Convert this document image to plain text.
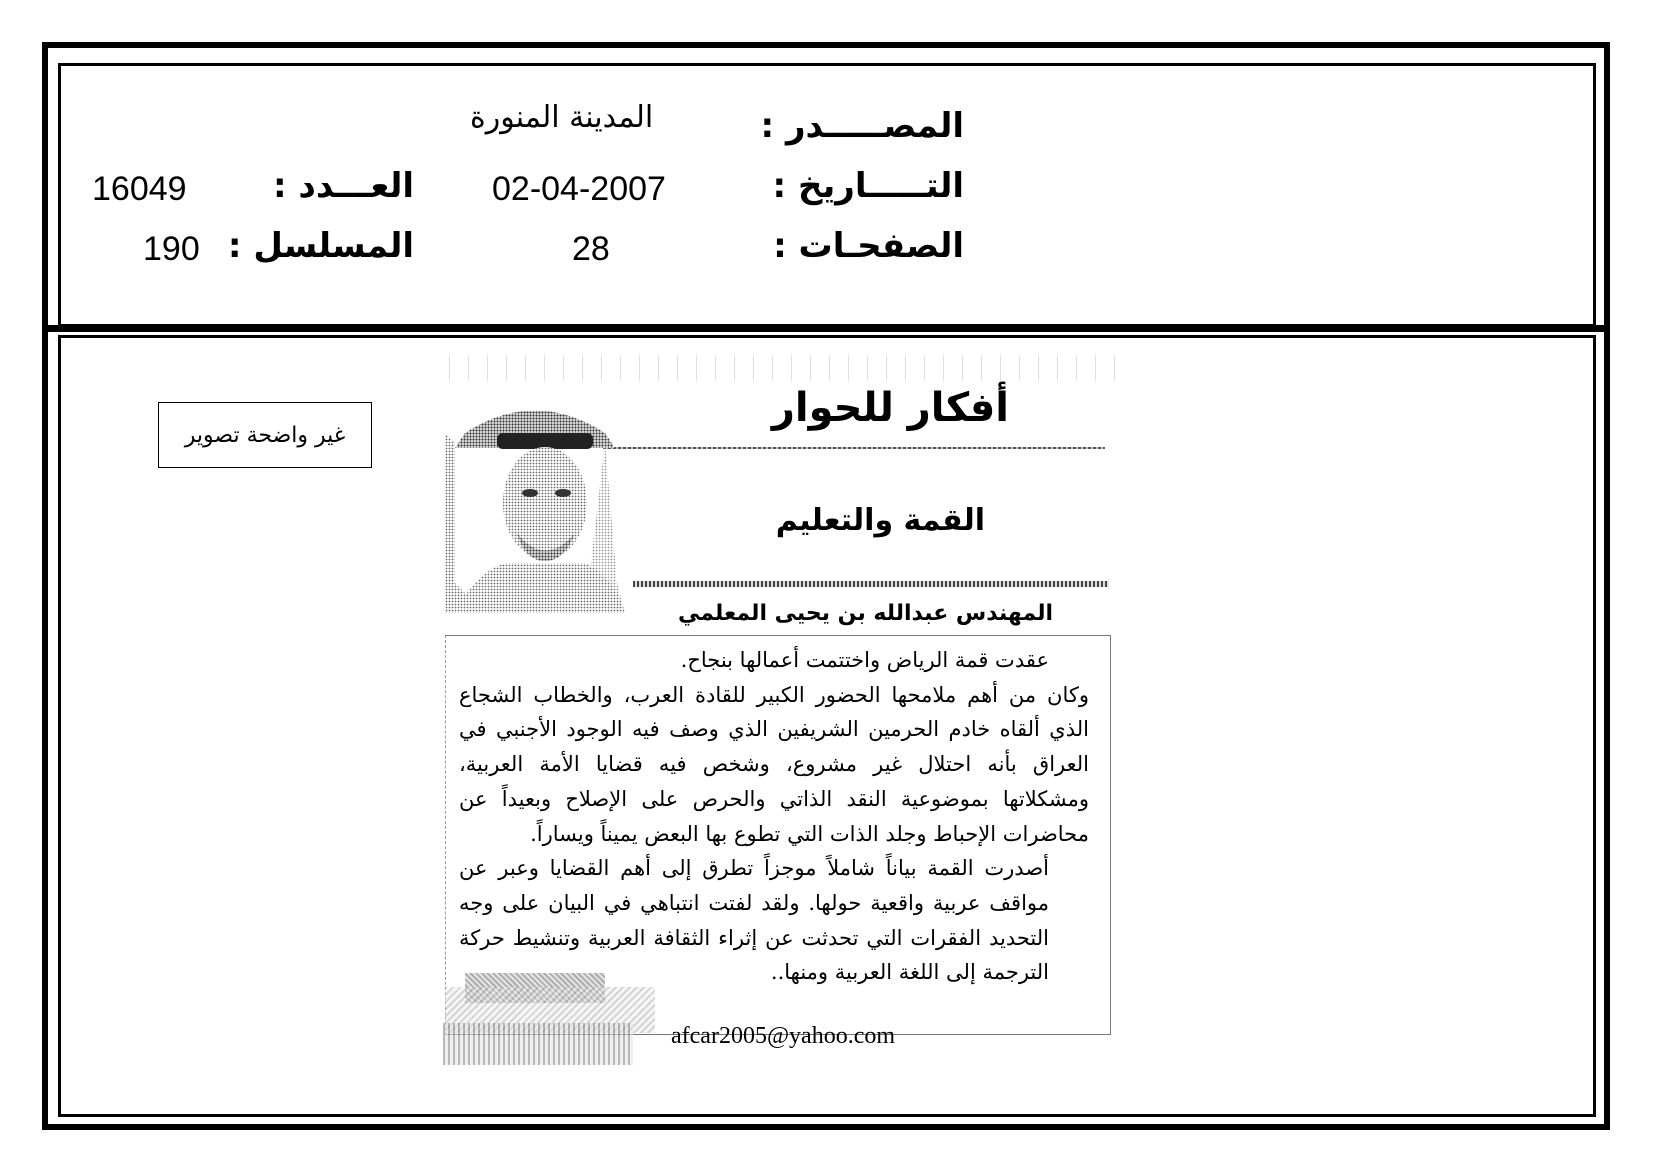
المصـــــدر :
المدينة المنورة
التـــــاريخ :
02-04-2007
العـــدد :
16049
الصفحـات :
28
المسلسل :
190
غير واضحة تصوير
أفكار للحوار
القمة والتعليم
المهندس عبدالله بن يحيى المعلمي

عقدت قمة الرياض واختتمت أعمالها بنجاح.

وكان من أهم ملامحها الحضور الكبير للقادة العرب، والخطاب الشجاع الذي ألقاه خادم الحرمين الشريفين الذي وصف فيه الوجود الأجنبي في العراق بأنه احتلال غير مشروع، وشخص فيه قضايا الأمة العربية، ومشكلاتها بموضوعية النقد الذاتي والحرص على الإصلاح وبعيداً عن محاضرات الإحباط وجلد الذات التي تطوع بها البعض يميناً ويساراً.

أصدرت القمة بياناً شاملاً موجزاً تطرق إلى أهم القضايا وعبر عن مواقف عربية واقعية حولها. ولقد لفتت انتباهي في البيان على وجه التحديد الفقرات التي تحدثت عن إثراء الثقافة العربية وتنشيط حركة الترجمة إلى اللغة العربية ومنها..

afcar2005@yahoo.com
